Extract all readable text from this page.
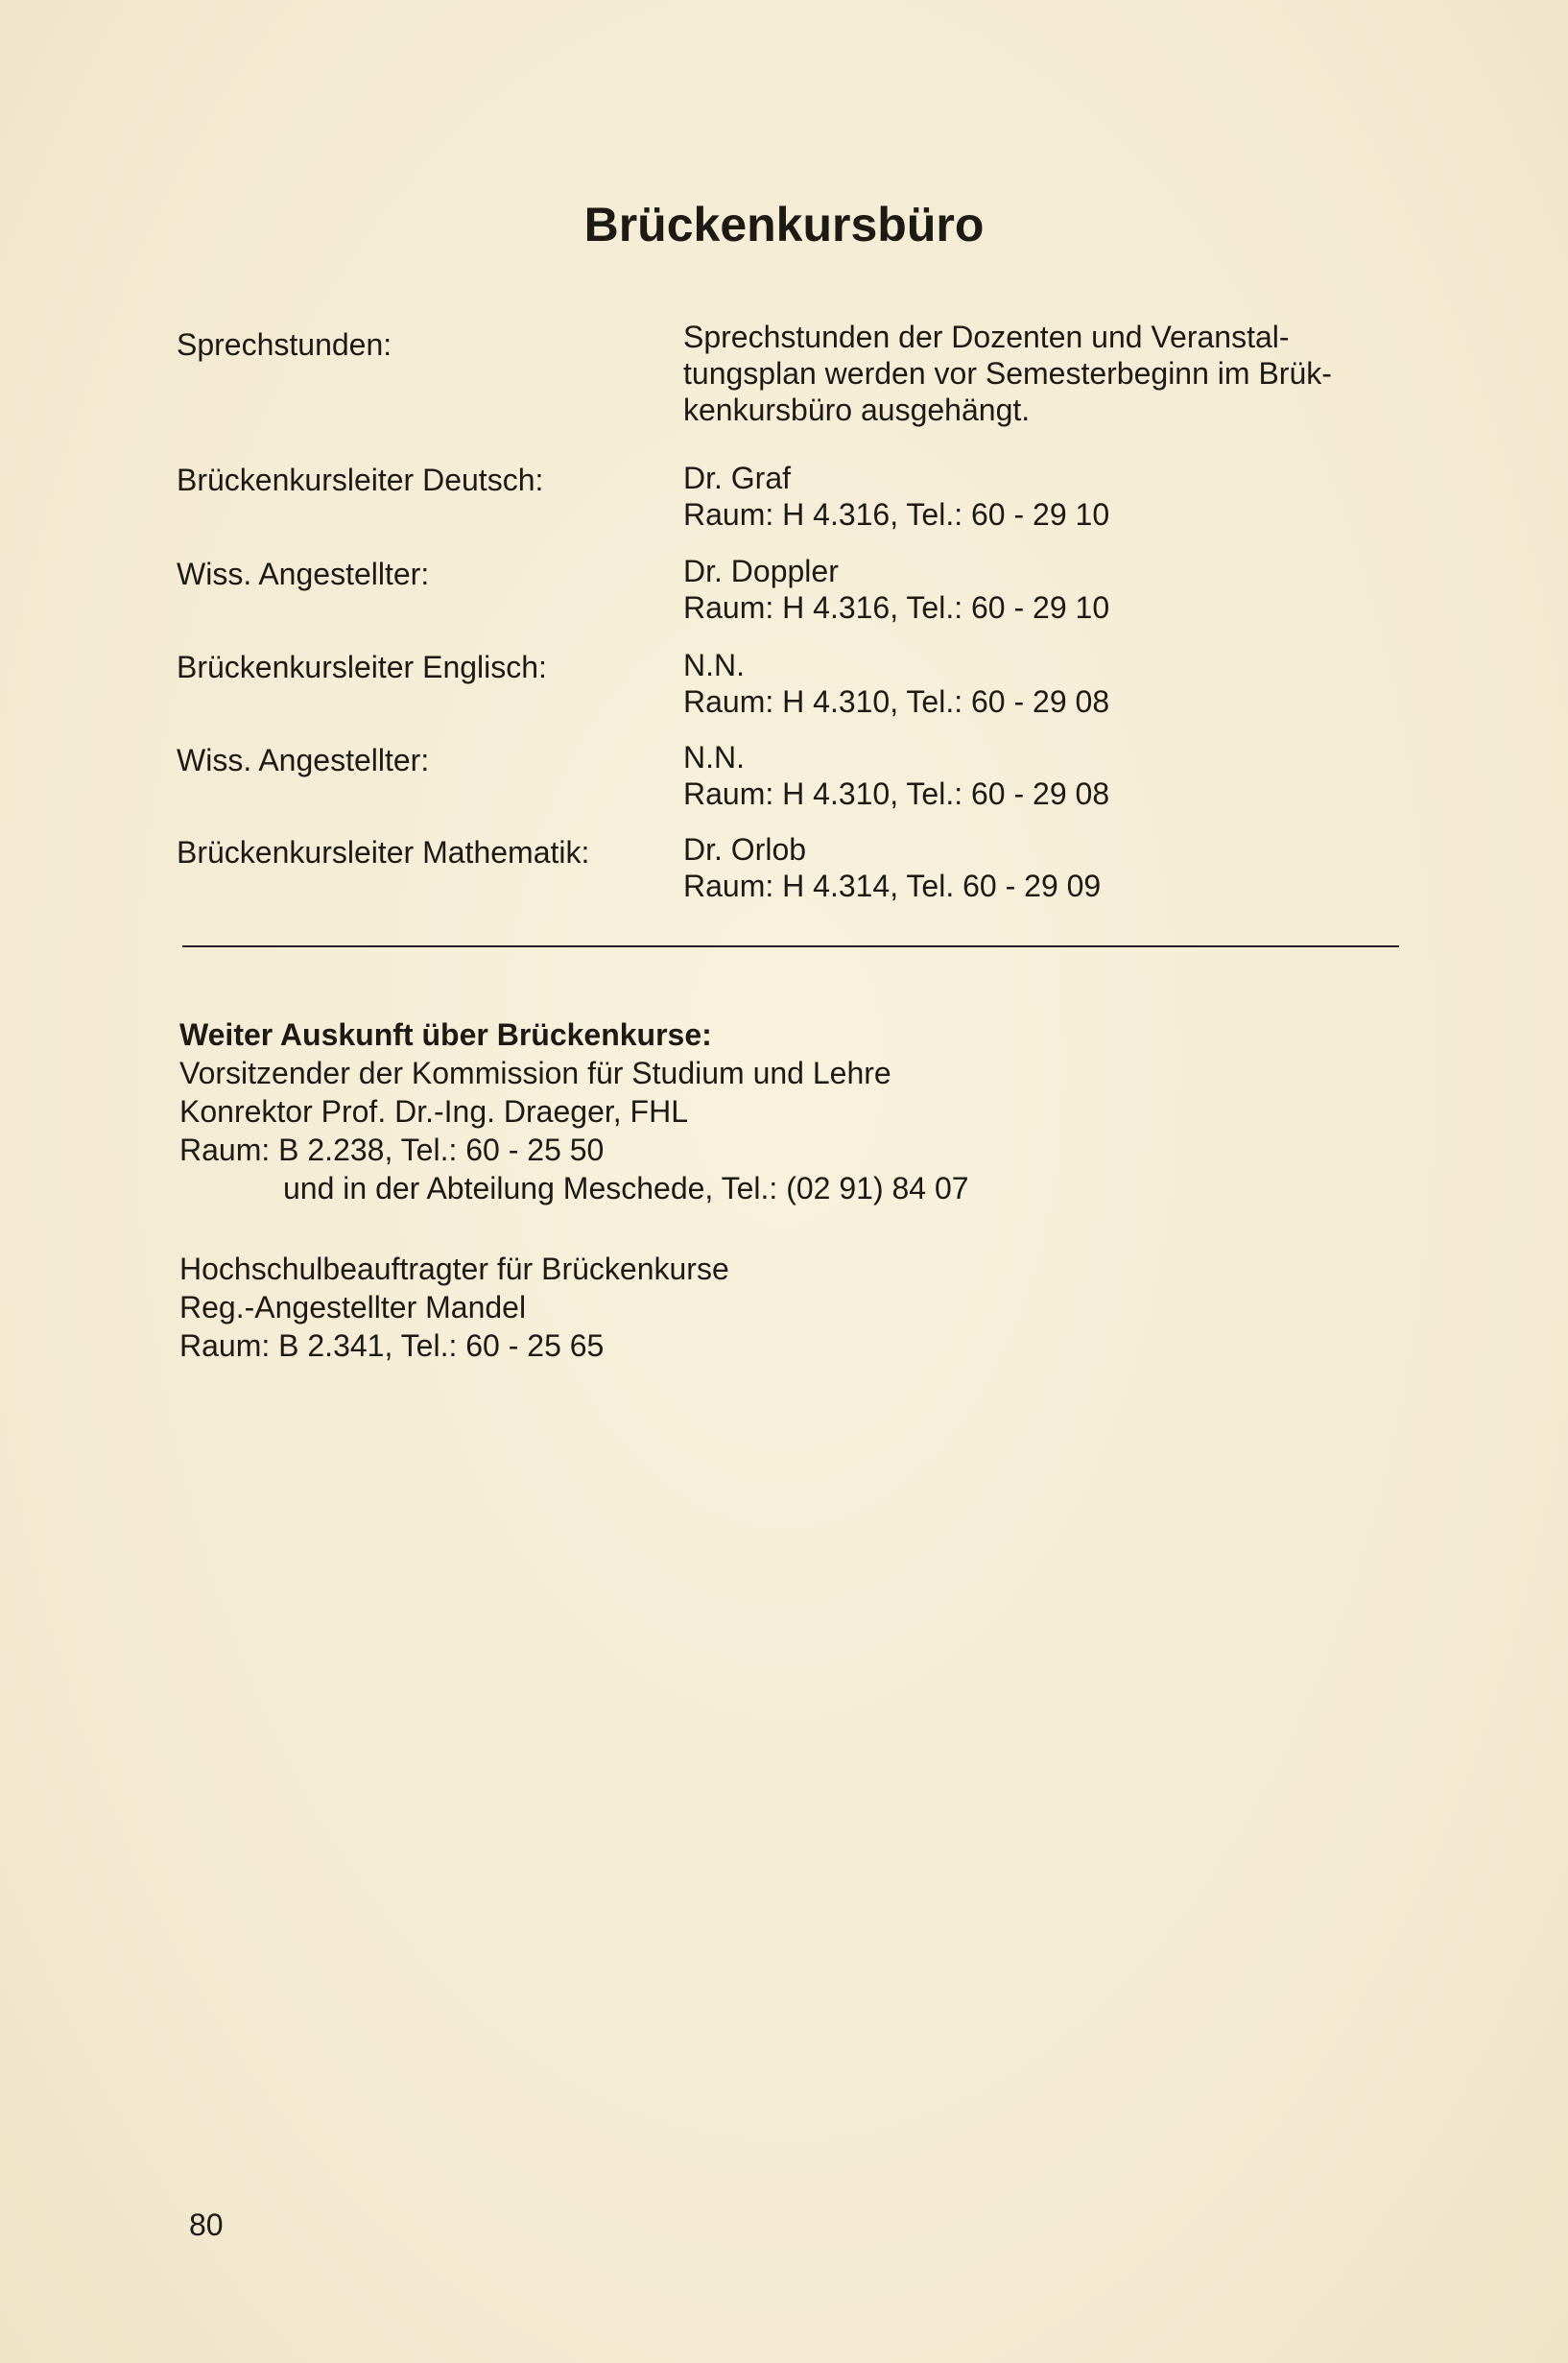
Brückenkursbüro
Sprechstunden:	Sprechstunden der Dozenten und Veranstal-
tungsplan werden vor Semesterbeginn im Brük-
kenkursbüro ausgehängt.
Brückenkursleiter Deutsch:	Dr. Graf
Raum: H 4.316, Tel.: 60 - 29 10
Wiss. Angestellter:	Dr. Doppler
Raum: H 4.316, Tel.: 60 - 29 10
Brückenkursleiter Englisch:	N.N.
Raum: H 4.310, Tel.: 60 - 29 08
Wiss. Angestellter:	N.N.
Raum: H 4.310, Tel.: 60 - 29 08
Brückenkursleiter Mathematik:	Dr. Orlob
Raum: H 4.314, Tel. 60 - 29 09
Weiter Auskunft über Brückenkurse:
Vorsitzender der Kommission für Studium und Lehre
Konrektor Prof. Dr.-Ing. Draeger, FHL
Raum: B 2.238, Tel.: 60 - 25 50
und in der Abteilung Meschede, Tel.: (02 91) 84 07
Hochschulbeauftragter für Brückenkurse
Reg.-Angestellter Mandel
Raum: B 2.341, Tel.: 60 - 25 65
80
